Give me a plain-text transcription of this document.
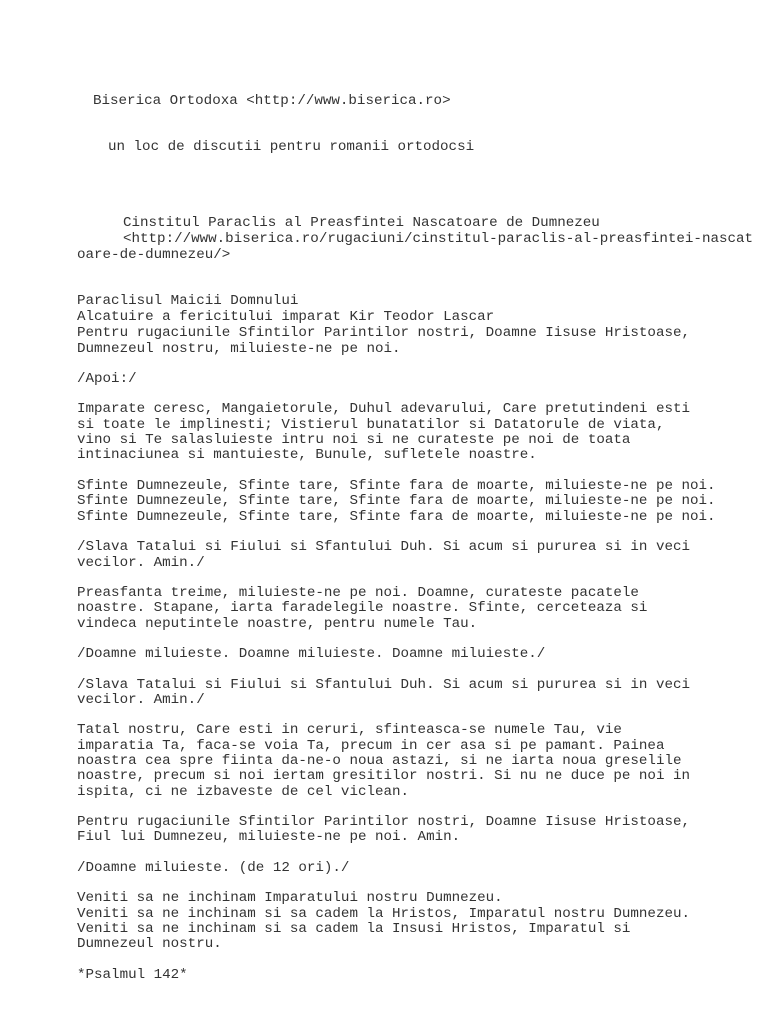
Biserica Ortodoxa <http://www.biserica.ro>
un loc de discutii pentru romanii ortodocsi
Cinstitul Paraclis al Preasfintei Nascatoare de Dumnezeu
<http://www.biserica.ro/rugaciuni/cinstitul-paraclis-al-preasfintei-nascat
oare-de-dumnezeu/>
Paraclisul Maicii Domnului
Alcatuire a fericitului imparat Kir Teodor Lascar
Pentru rugaciunile Sfintilor Parintilor nostri, Doamne Iisuse Hristoase,
Dumnezeul nostru, miluieste-ne pe noi.
/Apoi:/
Imparate ceresc, Mangaietorule, Duhul adevarului, Care pretutindeni esti
si toate le implinesti; Vistierul bunatatilor si Datatorule de viata,
vino si Te salasluieste intru noi si ne curateste pe noi de toata
intinaciunea si mantuieste, Bunule, sufletele noastre.
Sfinte Dumnezeule, Sfinte tare, Sfinte fara de moarte, miluieste-ne pe noi.
Sfinte Dumnezeule, Sfinte tare, Sfinte fara de moarte, miluieste-ne pe noi.
Sfinte Dumnezeule, Sfinte tare, Sfinte fara de moarte, miluieste-ne pe noi.
/Slava Tatalui si Fiului si Sfantului Duh. Si acum si pururea si in veci
vecilor. Amin./
Preasfanta treime, miluieste-ne pe noi. Doamne, curateste pacatele
noastre. Stapane, iarta faradelegile noastre. Sfinte, cerceteaza si
vindeca neputintele noastre, pentru numele Tau.
/Doamne miluieste. Doamne miluieste. Doamne miluieste./
/Slava Tatalui si Fiului si Sfantului Duh. Si acum si pururea si in veci
vecilor. Amin./
Tatal nostru, Care esti in ceruri, sfinteasca-se numele Tau, vie
imparatia Ta, faca-se voia Ta, precum in cer asa si pe pamant. Painea
noastra cea spre fiinta da-ne-o noua astazi, si ne iarta noua greselile
noastre, precum si noi iertam gresitilor nostri. Si nu ne duce pe noi in
ispita, ci ne izbaveste de cel viclean.
Pentru rugaciunile Sfintilor Parintilor nostri, Doamne Iisuse Hristoase,
Fiul lui Dumnezeu, miluieste-ne pe noi. Amin.
/Doamne miluieste. (de 12 ori)./
Veniti sa ne inchinam Imparatului nostru Dumnezeu.
Veniti sa ne inchinam si sa cadem la Hristos, Imparatul nostru Dumnezeu.
Veniti sa ne inchinam si sa cadem la Insusi Hristos, Imparatul si
Dumnezeul nostru.
*Psalmul 142*
